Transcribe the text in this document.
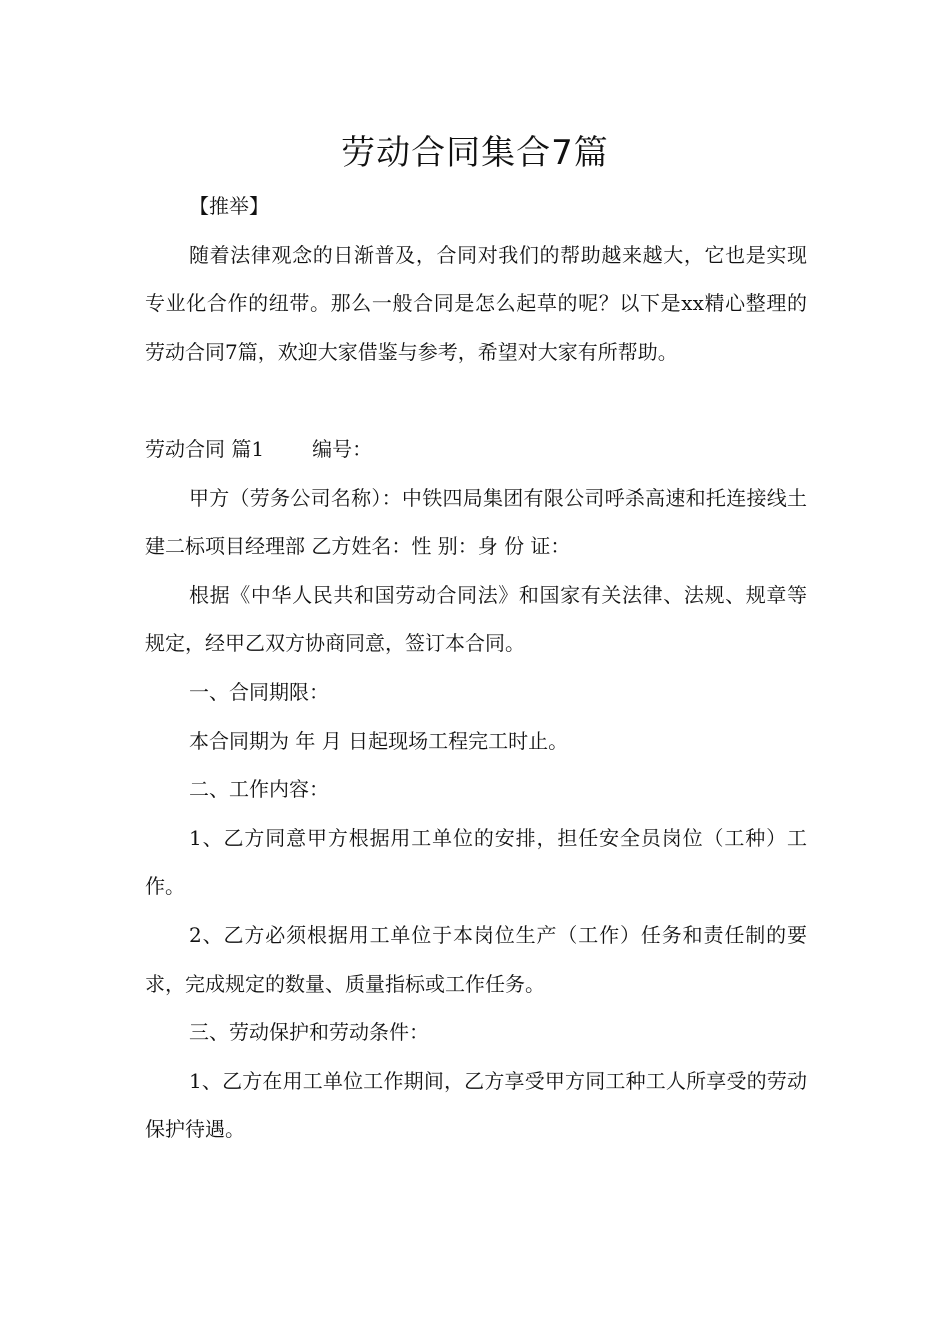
劳动合同集合7篇

【推举】

随着法律观念的日渐普及，合同对我们的帮助越来越大，它也是实现专业化合作的纽带。那么一般合同是怎么起草的呢？以下是xx精心整理的劳动合同7篇，欢迎大家借鉴与参考，希望对大家有所帮助。

劳动合同 篇1 编号：

甲方（劳务公司名称）：中铁四局集团有限公司呼杀高速和托连接线土建二标项目经理部 乙方姓名：性 别：身 份 证：

根据《中华人民共和国劳动合同法》和国家有关法律、法规、规章等规定，经甲乙双方协商同意，签订本合同。

一、合同期限：

本合同期为 年 月 日起现场工程完工时止。

二、工作内容：

1、乙方同意甲方根据用工单位的安排，担任安全员岗位（工种）工作。

2、乙方必须根据用工单位于本岗位生产（工作）任务和责任制的要求，完成规定的数量、质量指标或工作任务。

三、劳动保护和劳动条件：

1、乙方在用工单位工作期间，乙方享受甲方同工种工人所享受的劳动保护待遇。
